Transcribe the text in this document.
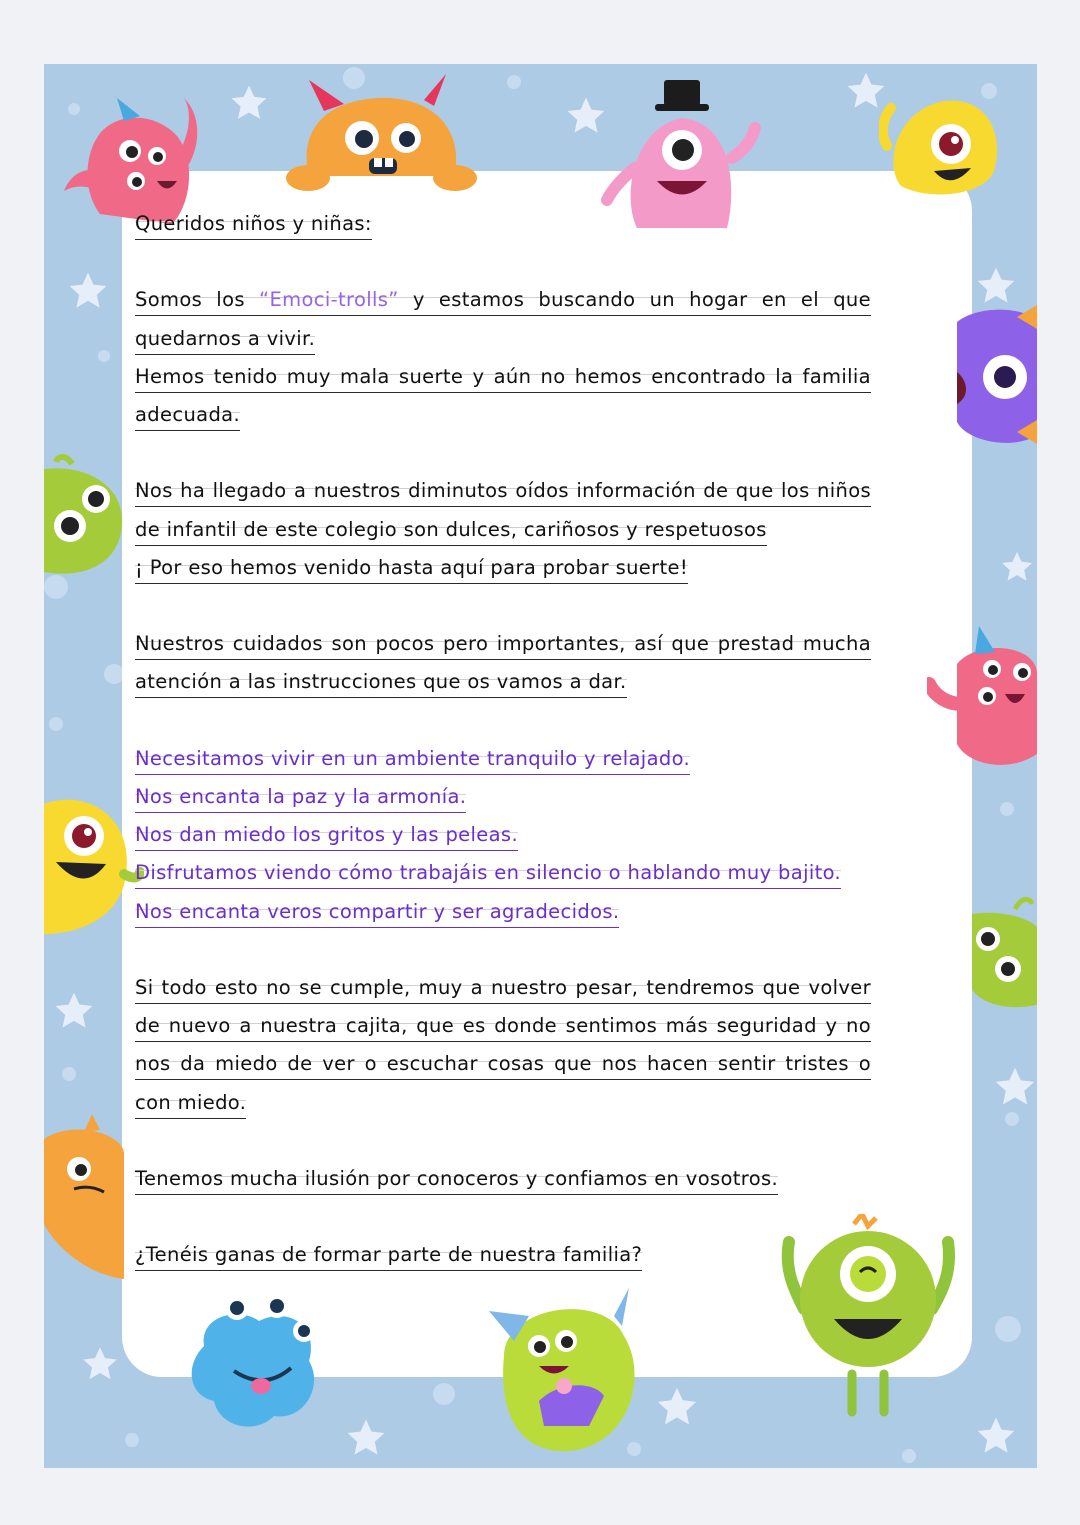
Queridos niños y niñas:

Somos los “Emoci-trolls” y estamos buscando un hogar en el que quedarnos a vivir.

Hemos tenido muy mala suerte y aún no hemos encontrado la familia adecuada.

Nos ha llegado a nuestros diminutos oídos información de que los niños de infantil de este colegio son dulces, cariñosos y respetuosos

¡ Por eso hemos venido hasta aquí para probar suerte!

Nuestros cuidados son pocos pero importantes, así que prestad mucha atención a las instrucciones que os vamos a dar.

Necesitamos vivir en un ambiente tranquilo y relajado.
Nos encanta la paz y la armonía.
Nos dan miedo los gritos y las peleas.
Disfrutamos viendo cómo trabajáis en silencio o hablando muy bajito.
Nos encanta veros compartir y ser agradecidos.

Si todo esto no se cumple, muy a nuestro pesar, tendremos que volver de nuevo a nuestra cajita, que es donde sentimos más seguridad y no nos da miedo de ver o escuchar cosas que nos hacen sentir tristes o con miedo.

Tenemos mucha ilusión por conoceros y confiamos en vosotros.

¿Tenéis ganas de formar parte de nuestra familia?
